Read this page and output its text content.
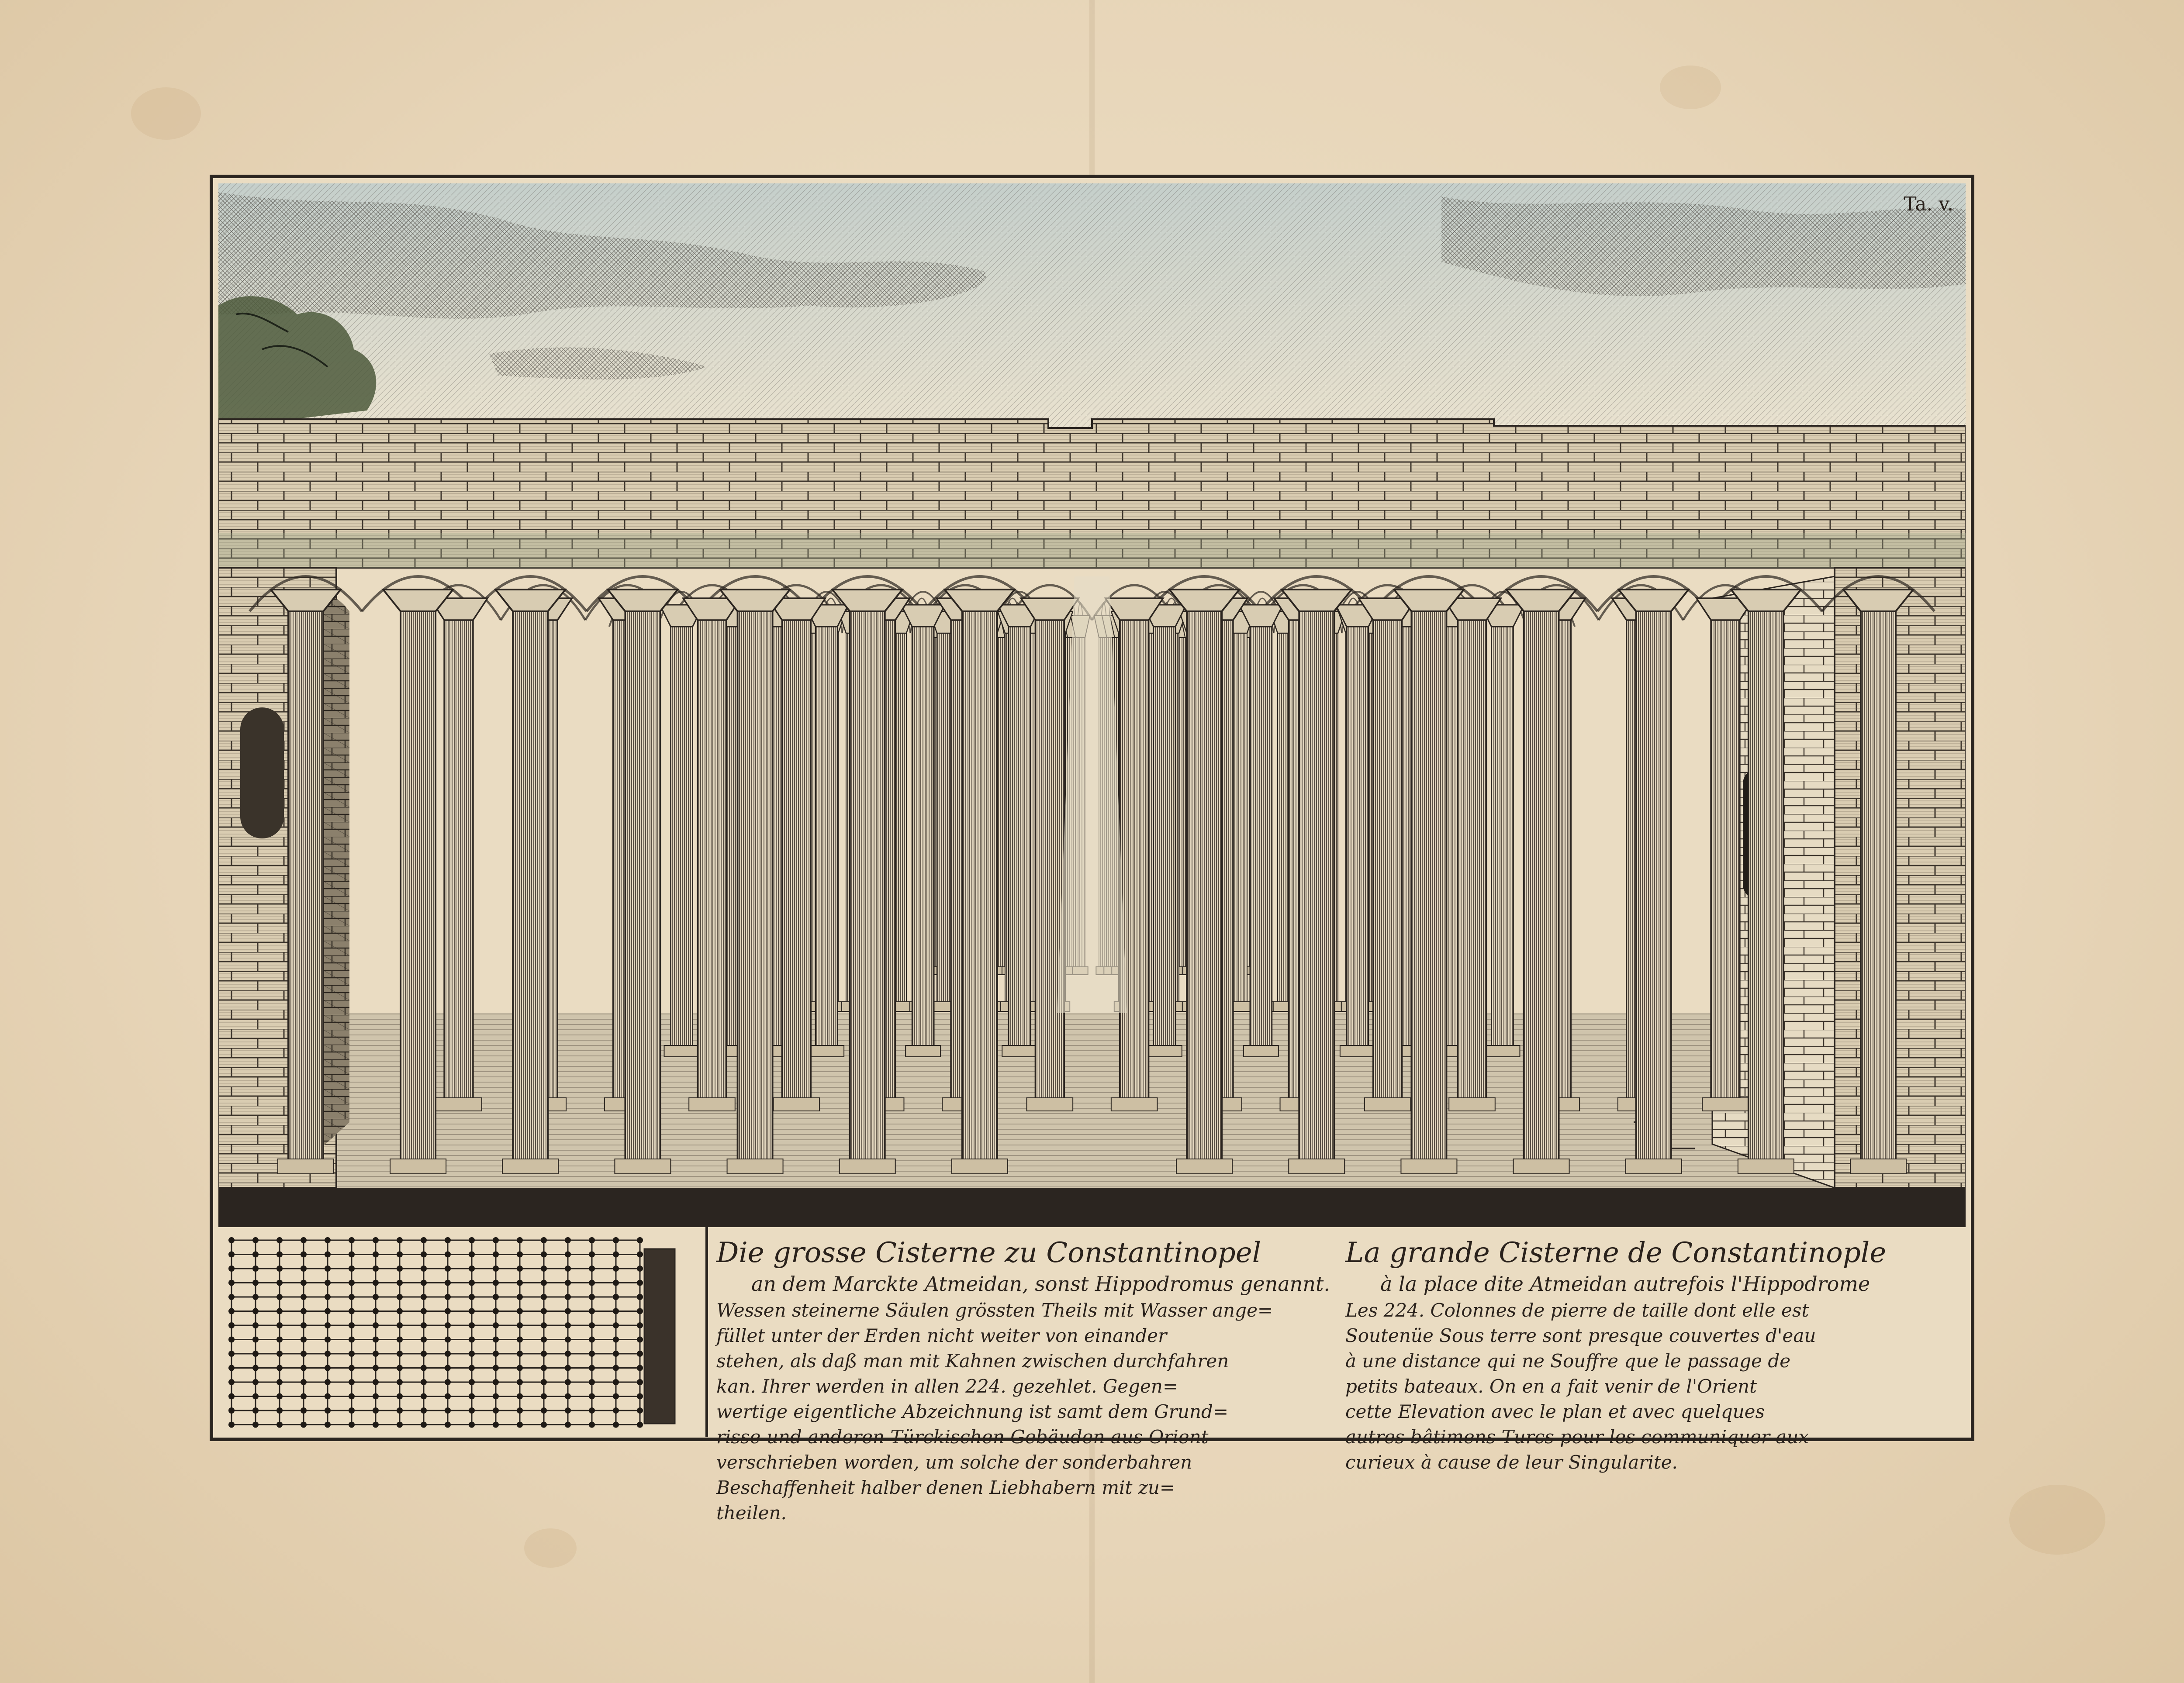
Ta. v.
Die grosse Cisterne zu Constantinopel
an dem Marckte Atmeidan, sonst Hippodromus genannt.
Wessen steinerne Säulen grössten Theils mit Wasser ange=
füllet unter der Erden nicht weiter von einander
stehen, als daß man mit Kahnen zwischen durchfahren
kan. Ihrer werden in allen 224. gezehlet. Gegen=
wertige eigentliche Abzeichnung ist samt dem Grund=
risse und anderen Türckischen Gebäuden aus Orient
verschrieben worden, um solche der sonderbahren
Beschaffenheit halber denen Liebhabern mit zu=
theilen.
La grande Cisterne de Constantinople
à la place dite Atmeidan autrefois l'Hippodrome
Les 224. Colonnes de pierre de taille dont elle est
Soutenüe Sous terre sont presque couvertes d'eau
à une distance qui ne Souffre que le passage de
petits bateaux. On en a fait venir de l'Orient
cette Elevation avec le plan et avec quelques
autres bâtimens Turcs pour les communiquer aux
curieux à cause de leur Singularite.
